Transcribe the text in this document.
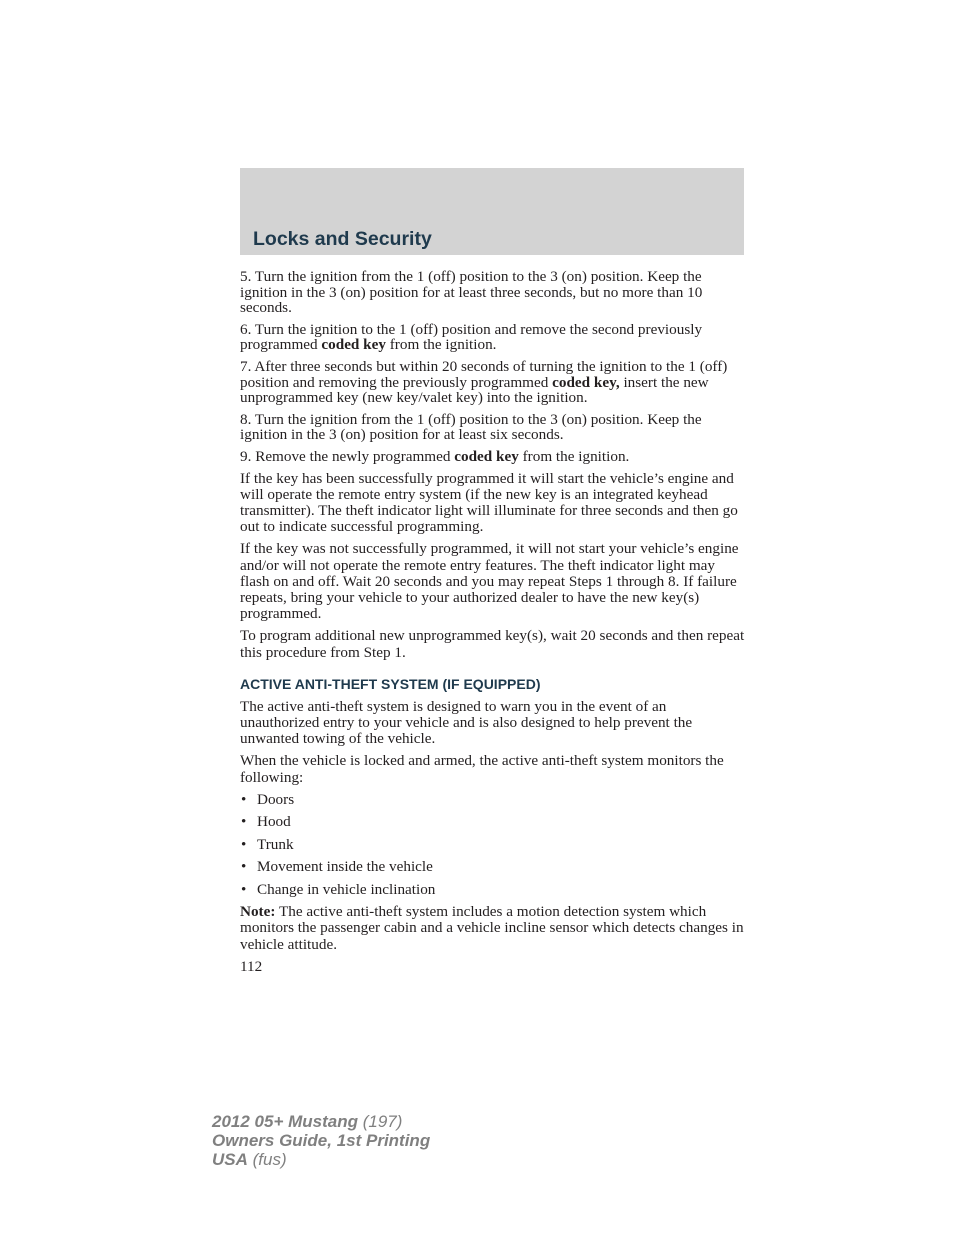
Locks and Security

5. Turn the ignition from the 1 (off) position to the 3 (on) position. Keep the ignition in the 3 (on) position for at least three seconds, but no more than 10 seconds.

6. Turn the ignition to the 1 (off) position and remove the second previously programmed coded key from the ignition.

7. After three seconds but within 20 seconds of turning the ignition to the 1 (off) position and removing the previously programmed coded key, insert the new unprogrammed key (new key/valet key) into the ignition.

8. Turn the ignition from the 1 (off) position to the 3 (on) position. Keep the ignition in the 3 (on) position for at least six seconds.

9. Remove the newly programmed coded key from the ignition.

If the key has been successfully programmed it will start the vehicle’s engine and will operate the remote entry system (if the new key is an integrated keyhead transmitter). The theft indicator light will illuminate for three seconds and then go out to indicate successful programming.

If the key was not successfully programmed, it will not start your vehicle’s engine and/or will not operate the remote entry features. The theft indicator light may flash on and off. Wait 20 seconds and you may repeat Steps 1 through 8. If failure repeats, bring your vehicle to your authorized dealer to have the new key(s) programmed.

To program additional new unprogrammed key(s), wait 20 seconds and then repeat this procedure from Step 1.

ACTIVE ANTI-THEFT SYSTEM (IF EQUIPPED)

The active anti-theft system is designed to warn you in the event of an unauthorized entry to your vehicle and is also designed to help prevent the unwanted towing of the vehicle.

When the vehicle is locked and armed, the active anti-theft system monitors the following:

• Doors
• Hood
• Trunk
• Movement inside the vehicle
• Change in vehicle inclination

Note: The active anti-theft system includes a motion detection system which monitors the passenger cabin and a vehicle incline sensor which detects changes in vehicle attitude.

112
2012 05+ Mustang (197)
Owners Guide, 1st Printing
USA (fus)
